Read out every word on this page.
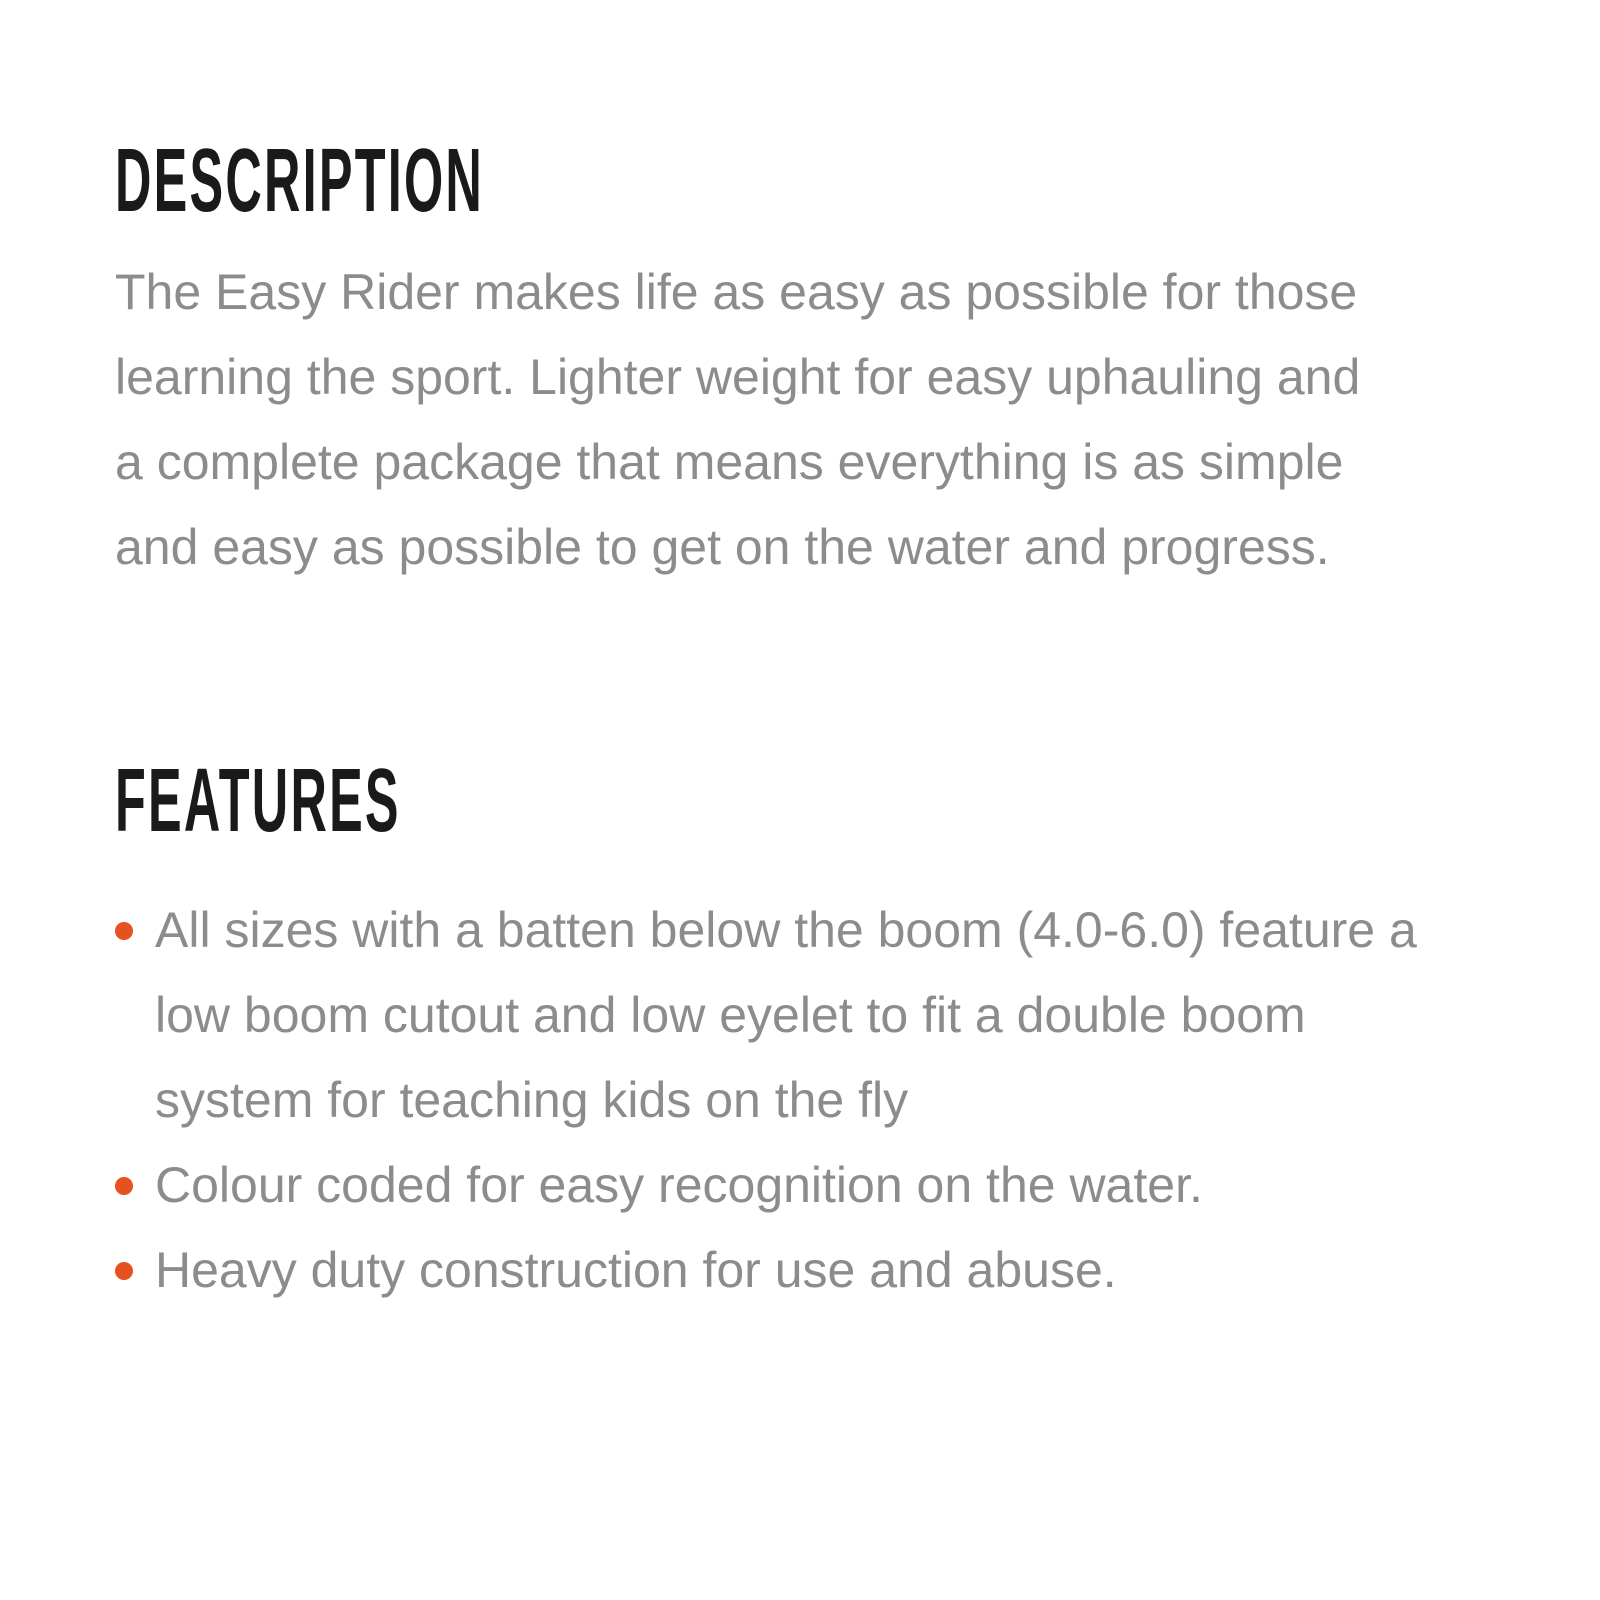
DESCRIPTION

The Easy Rider makes life as easy as possible for those learning the sport. Lighter weight for easy uphauling and a complete package that means everything is as simple and easy as possible to get on the water and progress.

FEATURES
All sizes with a batten below the boom (4.0-6.0) feature a low boom cutout and low eyelet to fit a double boom system for teaching kids on the fly
Colour coded for easy recognition on the water.
Heavy duty construction for use and abuse.
